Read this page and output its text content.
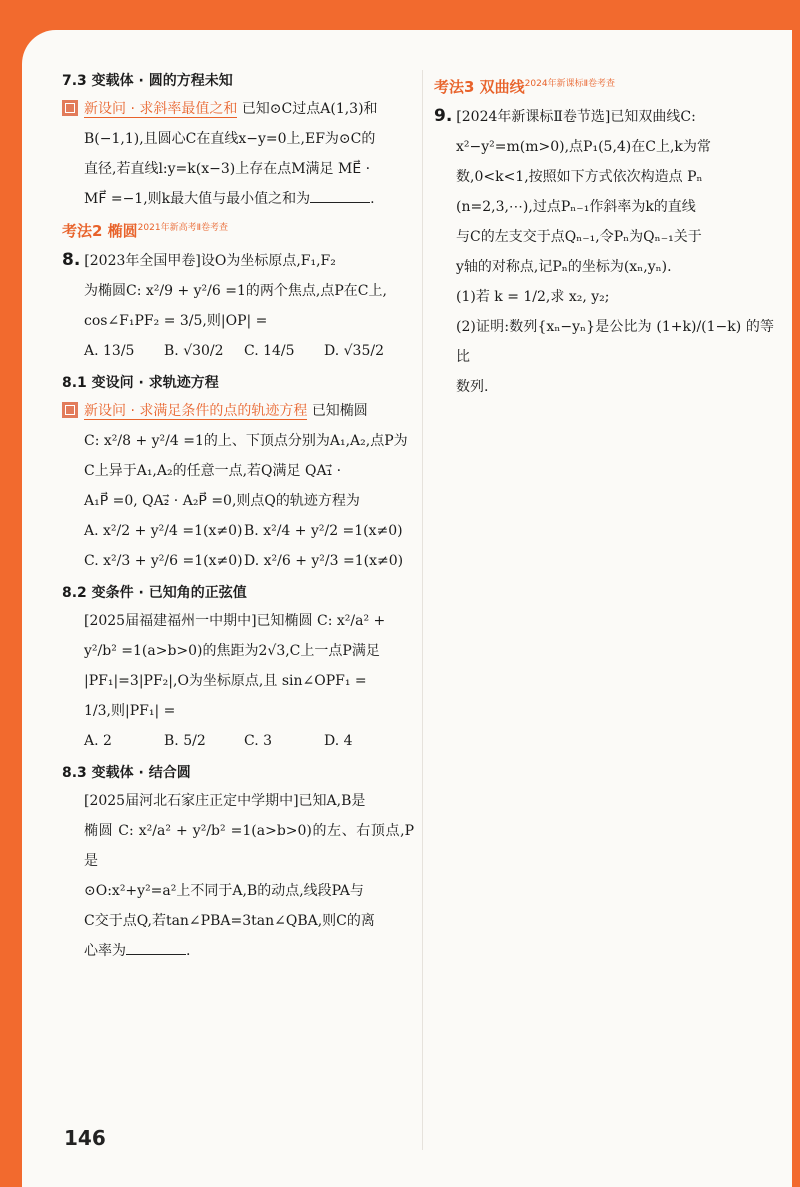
7.3 变载体 · 圆的方程未知

新设问 · 求斜率最值之和 已知⊙C过点A(1,3)和

B(−1,1),且圆心C在直线x−y=0上,EF为⊙C的

直径,若直线l:y=k(x−3)上存在点M满足 ME⃗ ·

MF⃗ =−1,则k最大值与最小值之和为	.

考法2 椭圆$^{2021年新高考Ⅱ卷考查}$

8. [2023年全国甲卷]设O为坐标原点,F₁,F₂

为椭圆C: x²/9 + y²/6 =1的两个焦点,点P在C上,

cos∠F₁PF₂ = 3/5,则|OP| =

A. 13/5 B. √30/2 C. 14/5 D. √35/2
8.1 变设问 · 求轨迹方程

新设问 · 求满足条件的点的轨迹方程 已知椭圆

C: x²/8 + y²/4 =1的上、下顶点分别为A₁,A₂,点P为

C上异于A₁,A₂的任意一点,若Q满足 QA₁⃗ ·

A₁P⃗ =0, QA₂⃗ · A₂P⃗ =0,则点Q的轨迹方程为

A. x²/2 + y²/4 =1(x≠0) B. x²/4 + y²/2 =1(x≠0)
C. x²/3 + y²/6 =1(x≠0)D. x²/6 + y²/3 =1(x≠0)
8.2 变条件 · 已知角的正弦值

[2025届福建福州一中期中]已知椭圆 C: x²/a² +

y²/b² =1(a>b>0)的焦距为2√3,C上一点P满足

|PF₁|=3|PF₂|,O为坐标原点,且 sin∠OPF₁ =

1/3,则|PF₁| =

A. 2	B. 5/2	C. 3	D. 4
8.3 变载体 · 结合圆

[2025届河北石家庄正定中学期中]已知A,B是

椭圆 C: x²/a² + y²/b² =1(a>b>0)的左、右顶点,P是

⊙O:x²+y²=a²上不同于A,B的动点,线段PA与

C交于点Q,若tan∠PBA=3tan∠QBA,则C的离

心率为	.

考法3 双曲线$^{2024年新课标Ⅱ卷考查}$

9. [2024年新课标Ⅱ卷节选]已知双曲线C:

x²−y²=m(m>0),点P₁(5,4)在C上,k为常

数,0<k<1,按照如下方式依次构造点 Pₙ

(n=2,3,⋯),过点Pₙ₋₁作斜率为k的直线

与C的左支交于点Qₙ₋₁,令Pₙ为Qₙ₋₁关于

y轴的对称点,记Pₙ的坐标为(xₙ,yₙ).

(1)若 k = 1/2,求 x₂, y₂;

(2)证明:数列{xₙ−yₙ}是公比为 (1+k)/(1−k) 的等比

数列.

146
